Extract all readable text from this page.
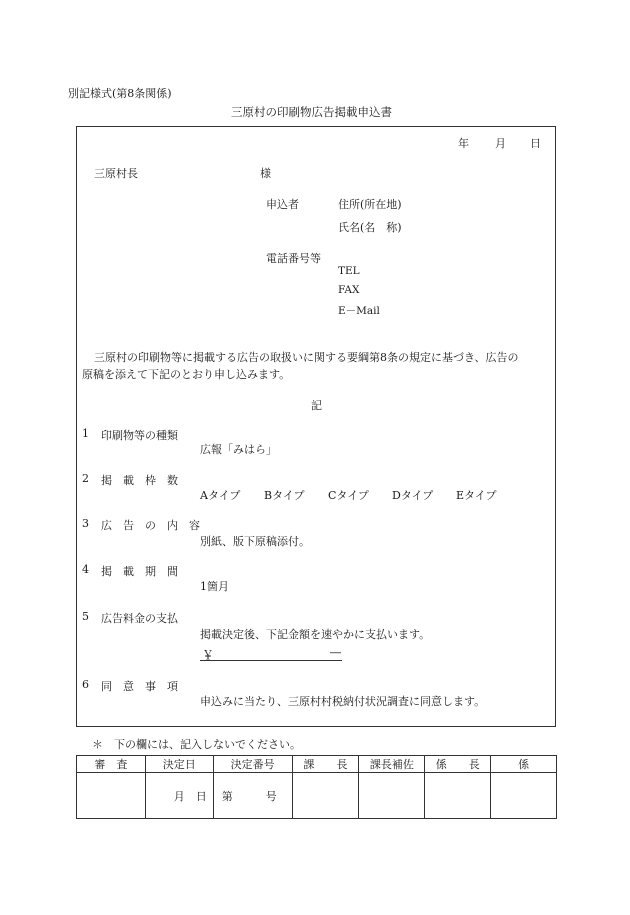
別記様式(第8条関係)
三原村の印刷物広告掲載申込書
年 月 日
三原村長	様
申込者	住所(所在地)
氏名(名　称)
電話番号等
TEL
FAX
E－Mail
三原村の印刷物等に掲載する広告の取扱いに関する要綱第8条の規定に基づき、広告の
原稿を添えて下記のとおり申し込みます。
記
1 印刷物等の種類
広報「みはら」
2 掲　載　枠　数
Aタイプ Bタイプ Cタイプ Dタイプ Eタイプ
3 広　告　の　内　容
別紙、版下原稿添付。
4 掲　載　期　間
1箇月
5 広告料金の支払
掲載決定後、下記金額を速やかに支払います。
￥	―
6 同　意　事　項
申込みに当たり、三原村村税納付状況調査に同意します。
＊　下の欄には、記入しないでください。
審　査	決定日	決定番号	課　　長	課長補佐	係　　長	係
	月　 日	第　　　 号				
